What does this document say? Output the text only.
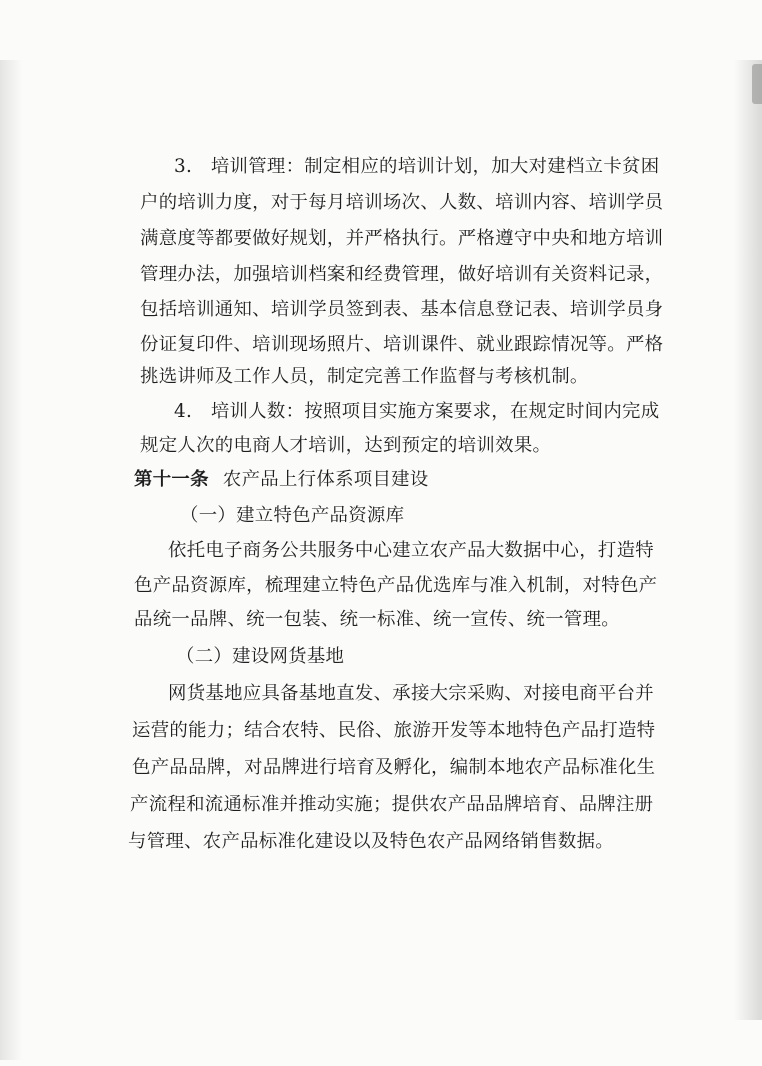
3.　培训管理：制定相应的培训计划，加大对建档立卡贫困
户的培训力度，对于每月培训场次、人数、培训内容、培训学员
满意度等都要做好规划，并严格执行。严格遵守中央和地方培训
管理办法，加强培训档案和经费管理，做好培训有关资料记录，
包括培训通知、培训学员签到表、基本信息登记表、培训学员身
份证复印件、培训现场照片、培训课件、就业跟踪情况等。严格
挑选讲师及工作人员，制定完善工作监督与考核机制。
4.　培训人数：按照项目实施方案要求，在规定时间内完成
规定人次的电商人才培训，达到预定的培训效果。
第十一条 农产品上行体系项目建设
（一）建立特色产品资源库
依托电子商务公共服务中心建立农产品大数据中心，打造特
色产品资源库，梳理建立特色产品优选库与准入机制，对特色产
品统一品牌、统一包装、统一标准、统一宣传、统一管理。
（二）建设网货基地
网货基地应具备基地直发、承接大宗采购、对接电商平台并
运营的能力；结合农特、民俗、旅游开发等本地特色产品打造特
色产品品牌，对品牌进行培育及孵化，编制本地农产品标准化生
产流程和流通标准并推动实施；提供农产品品牌培育、品牌注册
与管理、农产品标准化建设以及特色农产品网络销售数据。
